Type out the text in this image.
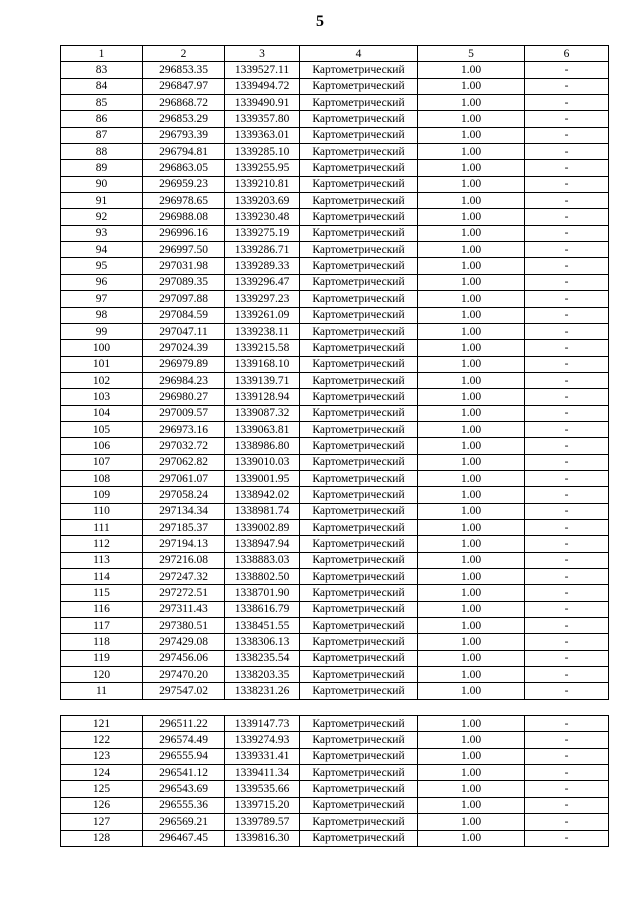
5
1	2	3	4	5	6
83	296853.35	1339527.11	Картометрический	1.00	-
84	296847.97	1339494.72	Картометрический	1.00	-
85	296868.72	1339490.91	Картометрический	1.00	-
86	296853.29	1339357.80	Картометрический	1.00	-
87	296793.39	1339363.01	Картометрический	1.00	-
88	296794.81	1339285.10	Картометрический	1.00	-
89	296863.05	1339255.95	Картометрический	1.00	-
90	296959.23	1339210.81	Картометрический	1.00	-
91	296978.65	1339203.69	Картометрический	1.00	-
92	296988.08	1339230.48	Картометрический	1.00	-
93	296996.16	1339275.19	Картометрический	1.00	-
94	296997.50	1339286.71	Картометрический	1.00	-
95	297031.98	1339289.33	Картометрический	1.00	-
96	297089.35	1339296.47	Картометрический	1.00	-
97	297097.88	1339297.23	Картометрический	1.00	-
98	297084.59	1339261.09	Картометрический	1.00	-
99	297047.11	1339238.11	Картометрический	1.00	-
100	297024.39	1339215.58	Картометрический	1.00	-
101	296979.89	1339168.10	Картометрический	1.00	-
102	296984.23	1339139.71	Картометрический	1.00	-
103	296980.27	1339128.94	Картометрический	1.00	-
104	297009.57	1339087.32	Картометрический	1.00	-
105	296973.16	1339063.81	Картометрический	1.00	-
106	297032.72	1338986.80	Картометрический	1.00	-
107	297062.82	1339010.03	Картометрический	1.00	-
108	297061.07	1339001.95	Картометрический	1.00	-
109	297058.24	1338942.02	Картометрический	1.00	-
110	297134.34	1338981.74	Картометрический	1.00	-
111	297185.37	1339002.89	Картометрический	1.00	-
112	297194.13	1338947.94	Картометрический	1.00	-
113	297216.08	1338883.03	Картометрический	1.00	-
114	297247.32	1338802.50	Картометрический	1.00	-
115	297272.51	1338701.90	Картометрический	1.00	-
116	297311.43	1338616.79	Картометрический	1.00	-
117	297380.51	1338451.55	Картометрический	1.00	-
118	297429.08	1338306.13	Картометрический	1.00	-
119	297456.06	1338235.54	Картометрический	1.00	-
120	297470.20	1338203.35	Картометрический	1.00	-
11	297547.02	1338231.26	Картометрический	1.00	-

121	296511.22	1339147.73	Картометрический	1.00	-
122	296574.49	1339274.93	Картометрический	1.00	-
123	296555.94	1339331.41	Картометрический	1.00	-
124	296541.12	1339411.34	Картометрический	1.00	-
125	296543.69	1339535.66	Картометрический	1.00	-
126	296555.36	1339715.20	Картометрический	1.00	-
127	296569.21	1339789.57	Картометрический	1.00	-
128	296467.45	1339816.30	Картометрический	1.00	-
